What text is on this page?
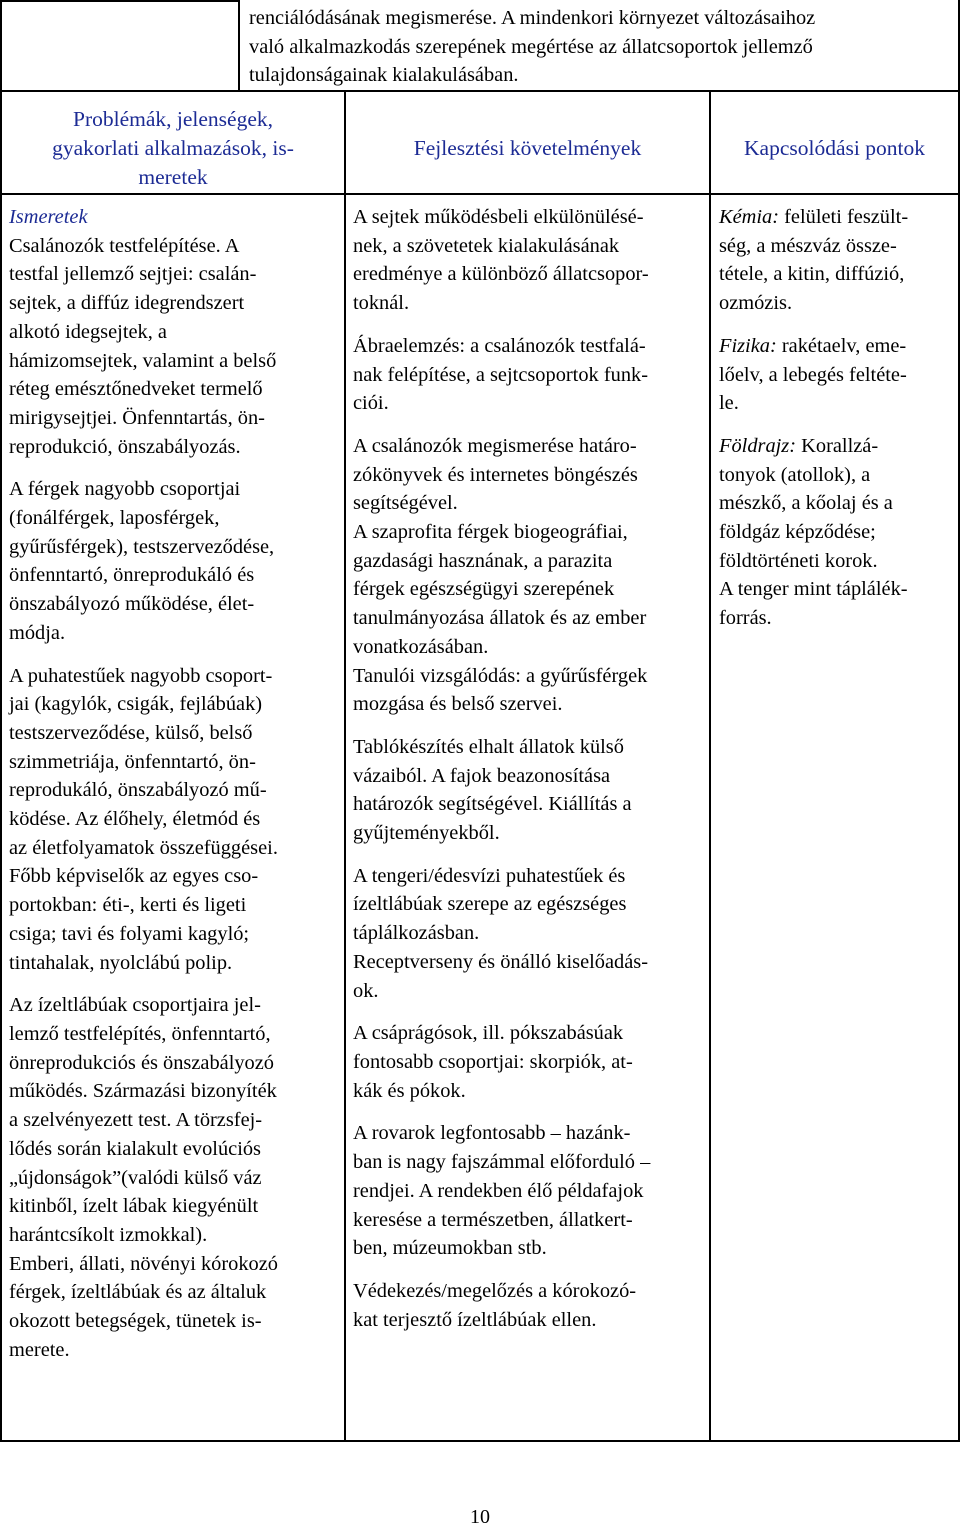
renciálódásának megismerése. A mindenkori környezet változásaihoz

való alkalmazkodás szerepének megértése az állatcsoportok jellemző

tulajdonságainak kialakulásában.

Problémák, jelenségek,
gyakorlati alkalmazások, is-
meretek
Fejlesztési követelmények	Kapcsolódási pontok

Ismeretek

Csalánozók testfelépítése. A

testfal jellemző sejtjei: csalán-

sejtek, a diffúz idegrendszert

alkotó idegsejtek, a

hámizomsejtek, valamint a belső

réteg emésztőnedveket termelő

mirigysejtjei. Önfenntartás, ön-

reprodukció, önszabályozás.

A férgek nagyobb csoportjai

(fonálférgek, laposférgek,

gyűrűsférgek), testszerveződése,

önfenntartó, önreprodukáló és

önszabályozó működése, élet-

módja.

A puhatestűek nagyobb csoport-

jai (kagylók, csigák, fejlábúak)

testszerveződése, külső, belső

szimmetriája, önfenntartó, ön-

reprodukáló, önszabályozó mű-

ködése. Az élőhely, életmód és

az életfolyamatok összefüggései.

Főbb képviselők az egyes cso-

portokban: éti-, kerti és ligeti

csiga; tavi és folyami kagyló;

tintahalak, nyolclábú polip.

Az ízeltlábúak csoportjaira jel-

lemző testfelépítés, önfenntartó,

önreprodukciós és önszabályozó

működés. Származási bizonyíték

a szelvényezett test. A törzsfej-

lődés során kialakult evolúciós

„újdonságok”(valódi külső váz

kitinből, ízelt lábak kiegyénült

harántcsíkolt izmokkal).

Emberi, állati, növényi kórokozó

férgek, ízeltlábúak és az általuk

okozott betegségek, tünetek is-

merete.

A sejtek működésbeli elkülönülésé-

nek, a szövetetek kialakulásának

eredménye a különböző állatcsopor-

toknál.

Ábraelemzés: a csalánozók testfalá-

nak felépítése, a sejtcsoportok funk-

ciói.

A csalánozók megismerése határo-

zókönyvek és internetes böngészés

segítségével.

A szaprofita férgek biogeográfiai,

gazdasági hasznának, a parazita

férgek egészségügyi szerepének

tanulmányozása állatok és az ember

vonatkozásában.

Tanulói vizsgálódás: a gyűrűsférgek

mozgása és belső szervei.

Tablókészítés elhalt állatok külső

vázaiból. A fajok beazonosítása

határozók segítségével. Kiállítás a

gyűjteményekből.

A tengeri/édesvízi puhatestűek és

ízeltlábúak szerepe az egészséges

táplálkozásban.

Receptverseny és önálló kiselőadás-

ok.

A csáprágósok, ill. pókszabásúak

fontosabb csoportjai: skorpiók, at-

kák és pókok.

A rovarok legfontosabb – hazánk-

ban is nagy fajszámmal előforduló –

rendjei. A rendekben élő példafajok

keresése a természetben, állatkert-

ben, múzeumokban stb.

Védekezés/megelőzés a kórokozó-

kat terjesztő ízeltlábúak ellen.

Kémia: felületi feszült-

ség, a mészváz össze-

tétele, a kitin, diffúzió,

ozmózis.

Fizika: rakétaelv, eme-

lőelv, a lebegés feltéte-

le.

Földrajz: Korallzá-

tonyok (atollok), a

mészkő, a kőolaj és a

földgáz képződése;

földtörténeti korok.

A tenger mint táplálék-

forrás.

10
